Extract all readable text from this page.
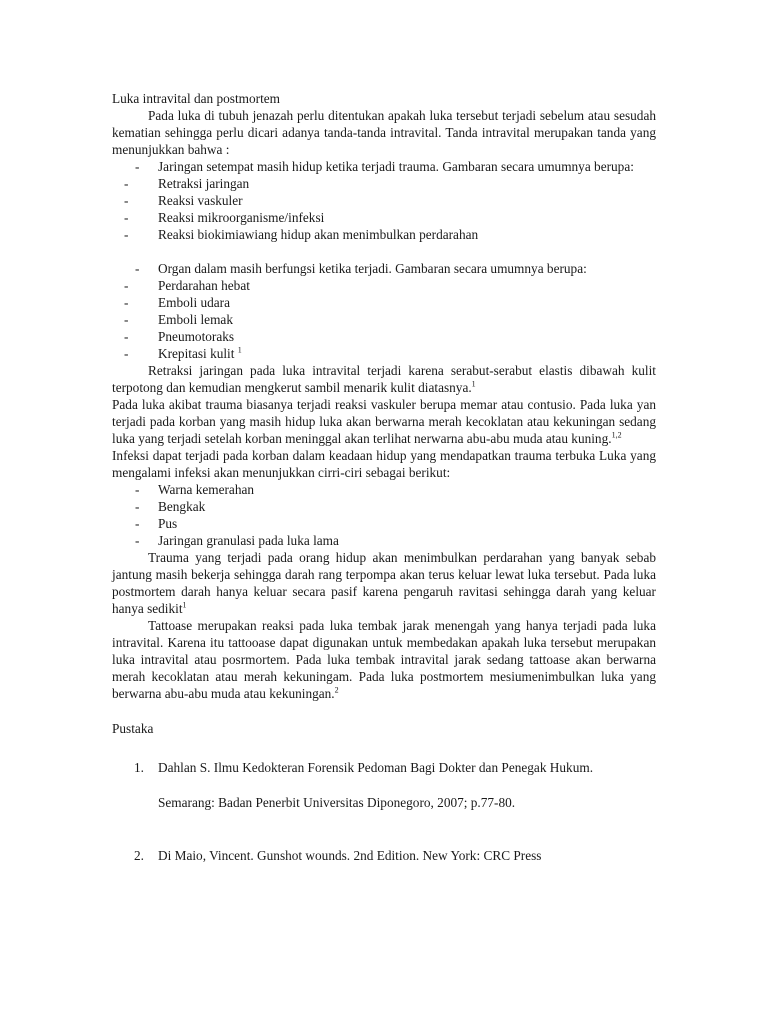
Luka intravital dan postmortem

Pada luka di tubuh jenazah perlu ditentukan apakah luka tersebut terjadi sebelum atau sesudah kematian sehingga perlu dicari adanya tanda-tanda intravital. Tanda intravital merupakan tanda yang menunjukkan bahwa :

- Jaringan setempat masih hidup ketika terjadi trauma. Gambaran secara umumnya berupa:
- Retraksi jaringan
- Reaksi vaskuler
- Reaksi mikroorganisme/infeksi
- Reaksi biokimiawiang hidup akan menimbulkan perdarahan
- Organ dalam masih berfungsi ketika terjadi. Gambaran secara umumnya berupa:
- Perdarahan hebat
- Emboli udara
- Emboli lemak
- Pneumotoraks
- Krepitasi kulit $^1$

Retraksi jaringan pada luka intravital terjadi karena serabut-serabut elastis dibawah kulit terpotong dan kemudian mengkerut sambil menarik kulit diatasnya.$^1$

Pada luka akibat trauma biasanya terjadi reaksi vaskuler berupa memar atau contusio. Pada luka yan terjadi pada korban yang masih hidup luka akan berwarna merah kecoklatan atau kekuningan sedang luka yang terjadi setelah korban meninggal akan terlihat nerwarna abu-abu muda atau kuning.$^{1,2}$

Infeksi dapat terjadi pada korban dalam keadaan hidup yang mendapatkan trauma terbuka Luka yang mengalami infeksi akan menunjukkan cirri-ciri sebagai berikut:

- Warna kemerahan
- Bengkak
- Pus
- Jaringan granulasi pada luka lama

Trauma yang terjadi pada orang hidup akan menimbulkan perdarahan yang banyak sebab jantung masih bekerja sehingga darah rang terpompa akan terus keluar lewat luka tersebut. Pada luka postmortem darah hanya keluar secara pasif karena pengaruh ravitasi sehingga darah yang keluar hanya sedikit$^1$

Tattoase merupakan reaksi pada luka tembak jarak menengah yang hanya terjadi pada luka intravital. Karena itu tattooase dapat digunakan untuk membedakan apakah luka tersebut merupakan luka intravital atau posrmortem. Pada luka tembak intravital jarak sedang tattoase akan berwarna merah kecoklatan atau merah kekuningam. Pada luka postmortem mesiumenimbulkan luka yang berwarna abu-abu muda atau kekuningan.$^2$

Pustaka

1. Dahlan S. Ilmu Kedokteran Forensik Pedoman Bagi Dokter dan Penegak Hukum.
Semarang: Badan Penerbit Universitas Diponegoro, 2007; p.77-80.
2. Di Maio, Vincent. Gunshot wounds. 2nd Edition. New York: CRC Press
